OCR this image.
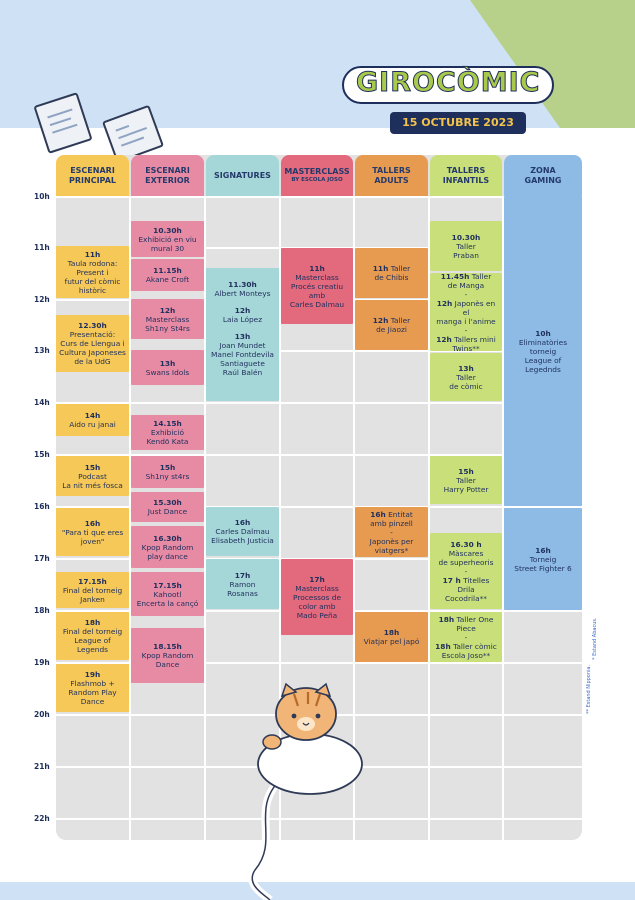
GIROCÒMIC
15 OCTUBRE 2023
ESCENARI
PRINCIPAL
ESCENARI
EXTERIOR
SIGNATURES	MASTERCLASS
BY ESCOLA JOSO
TALLERS
ADULTS
TALLERS
INFANTILS
ZONA
GAMING
10h
11h
12h
13h
14h
15h
16h
17h
18h
19h
20h
21h
22h
11h
Taula rodona:
Present i
futur del còmic
històric
12.30h
Presentació:
Curs de Llengua i
Cultura Japoneses
de la UdG
14h
Aido ru janai
15h
Podcast
La nit més fosca
16h
"Para ti que eres
joven"
17.15h
Final del torneig
Janken
18h
Final del torneig
League of
Legends
19h
Flashmob +
Random Play
Dance
10.30h
Exhibició en viu
mural 30
11.15h
Akane Croft
12h
Masterclass
Sh1ny St4rs
13h
Swans Idols
14.15h
Exhibició
Kendō Kata
15h
Sh1ny st4rs
15.30h
Just Dance
16.30h
Kpop Random
play dance
17.15h
Kahootl
Encerta la cançó
18.15h
Kpop Random
Dance
11.30h
Albert Monteys
12h
Laia López
13h
Joan Mundet
Manel Fontdevila
Santiaguete
Raúl Balén
16h
Carles Dalmau
Elisabeth Justicia
17h
Ramon
Rosanas
11h
Masterclass
Procés creatiu
amb
Carles Dalmau
17h
Masterclass
Processos de
color amb
Mado Peña
11h Taller
de Chibis
12h Taller
de Jiaozi
16h Entitat
amb pinzell
-
Japonès per
viatgers*
18h
Viatjar pel japó
10.30h
Taller
Praban
11.45h Taller
de Manga
-
12h Japonès en el
manga i l'anime
-
12h Tallers mini
Twins**
13h
Taller
de còmic
15h
Taller
Harry Potter
16.30 h Màscares
de superheoris
-
17 h Titelles Drila
Cocodrila**
18h Taller One Piece
-
18h Taller còmic
Escola Joso**
10h
Eliminatòries
torneig
League of
Legednds
16h
Torneig
Street Fighter 6
* Estand Abacus.
** Estand Nipponia.
